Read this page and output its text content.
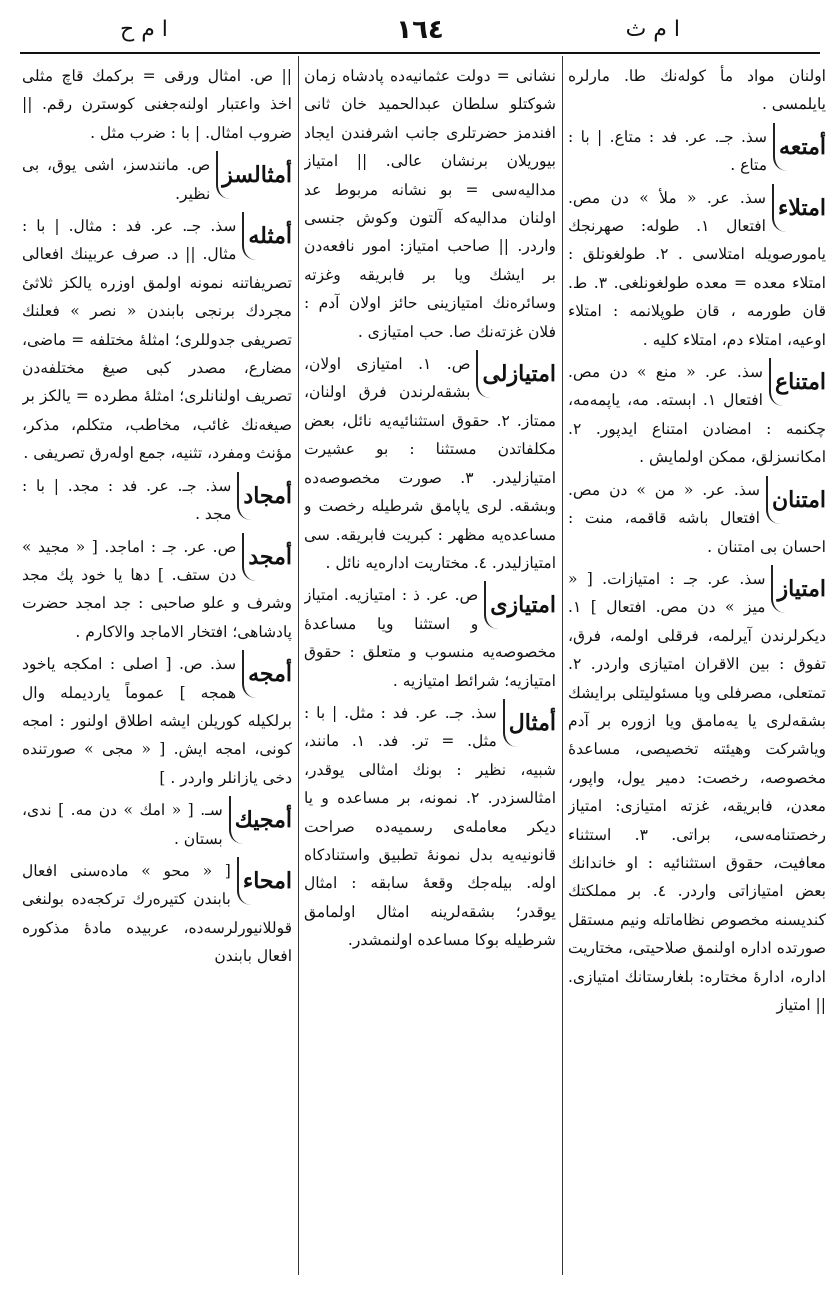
ا م ح	١٦٤	ا م ث
اولنان مواد مأ كوله‌نك طا. مارلره يايلمسى .
أمتعه
سذ. جـ. عر. فد : متاع. | با : متاع .
امتلاء
سذ. عر. « ملأ » دن مص. افتعال ١. طوله: صهرنجك يامورصويله امتلاسى . ٢. طولغونلق : امتلاء معده = معده طولغونلغى. ٣. ط. قان طورمه ، قان طوپلانمه : امتلاء اوعيه، امتلاء دم، امتلاء كليه .
امتناع
سذ. عر. « منع » دن مص. افتعال ١. اېسته. مه، ياپمه‌مه، چكنمه : امضادن امتناع ايدپور. ٢. امكانسزلق، ممكن اولمايش .
امتنان
سذ. عر. « من » دن مص. افتعال باشه قاقمه، منت : احسان بى امتنان .
امتياز
سذ. عر. جـ : امتيازات. [ « ميز » دن مص. افتعال ] ١. ديكرلرندن آيرلمه، فرقلى اولمه، فرق، تفوق : بين الاقران امتيازى واردر. ٢. تمتعلى، مصرفلى ويا مسئوليتلى برايشك بشقه‌لرى يا يه‌مامق ويا ازوره بر آدم وياشركت وهيئته تخصيصى، مساعدۀ مخصوصه، رخصت: دمير يول، واپور، معدن، فابريقه، غزته امتيازى: امتياز رخصتنامه‌سى، براتى. ٣. استثناء معافيت، حقوق استثنائيه : او خاندانك بعض امتيازاتى واردر. ٤. بر مملكتك كنديسنه مخصوص نظاماتله ونيم مستقل صورتده اداره اولنمق صلاحيتى، مختاريت اداره، ادارۀ مختاره: بلغارستانك امتيازى. || امتياز
نشانى = دولت عثمانيه‌ده پادشاه زمان شوكتلو سلطان عبدالحميد خان ثانى افندمز حضرتلرى جانب اشرفندن ايجاد بيوريلان برنشان عالى. || امتياز مداليه‌سى = بو نشانه مربوط عد اولنان مداليه‌كه آلتون وكوش جنسى واردر. || صاحب امتياز: امور نافعه‌دن بر ايشك ويا بر فابريقه وغزته وسائره‌نك امتيازينى حائز اولان آدم : فلان غزته‌نك صا. حب امتيازى .
امتيازلى
ص. ١. امتيازى اولان، بشقه‌لرندن فرق اولنان، ممتاز. ٢. حقوق استثنائيه‌يه نائل، بعض مكلفاتدن مستثنا : بو عشيرت امتيازليدر. ٣. صورت مخصوصه‌ده وبشقه. لرى ياپامق شرطيله رخصت و مساعده‌يه مظهر : كبريت فابريقه. سى امتيازليدر. ٤. مختاريت اداره‌يه نائل .
امتيازى
ص. عر. ذ : امتيازيه. امتياز و استثنا ويا مساعدۀ مخصوصه‌يه منسوب و متعلق : حقوق امتيازيه؛ شرائط امتيازيه .
أمثال
سذ. جـ. عر. فد : مثل. | با : مثل. = تر. فد. ١. مانند، شبيه، نظير : بونك امثالى يوقدر، امثالسزدر. ٢. نمونه، بر مساعده و يا ديكر معامله‌ى رسميه‌ده صراحت قانونيه‌يه بدل نمونۀ تطبيق واستنادكاه اوله. بيله‌جك وقعۀ سابقه : امثال يوقدر؛ بشقه‌لرينه امثال اولمامق شرطيله بوكا مساعده اولنمشدر.
|| ص. امثال ورقى = بركمك قاچ مثلى اخذ واعتبار اولنه‌جغنى كوسترن رقم. || ضروب امثال. | با : ضرب مثل .
أمثالسز
ص. مانندسز، اشى يوق، بى نظير.
أمثله
سذ. جـ. عر. فد : مثال. | با : مثال. || د. صرف عربينك افعالى تصريفاتنه نمونه اولمق اوزره يالكز ثلاثىٔ مجردك برنجى بابندن « نصر » فعلنك تصريفى جدوللرى؛ امثلۀ مختلفه = ماضى، مضارع، مصدر كبى صيغ مختلفه‌دن تصريف اولنانلرى؛ امثلۀ مطرده = يالكز بر صيغه‌نك غائب، مخاطب، متكلم، مذكر، مؤنث ومفرد، تثنيه، جمع اوله‌رق تصريفى .
أمجاد
سذ. جـ. عر. فد : مجد. | با : مجد .
أمجد
ص. عر. جـ : اماجد. [ « مجيد » دن ستف. ] دها يا خود پك مجد وشرف و علو صاحبى : جد امجد حضرت پادشاهى؛ افتخار الاماجد والاكارم .
أمجه
سذ. ص. [ اصلى : امكجه ياخود همجه ] عموماً يارديمله وال برلكيله كوريلن ايشه اطلاق اولنور : امجه كونى، امجه ايش. [ « مجى » صورتنده دخى يازانلر واردر . ]
أمجيك
سـ. [ « امك » دن مه. ] ندى، بستان .
امحاء
[ « محو » ماده‌سنى افعال بابندن كتيره‌رك تركجه‌ده بولنغى قوللانيورلرسه‌ده، عربيده مادۀ مذكوره افعال بابندن
